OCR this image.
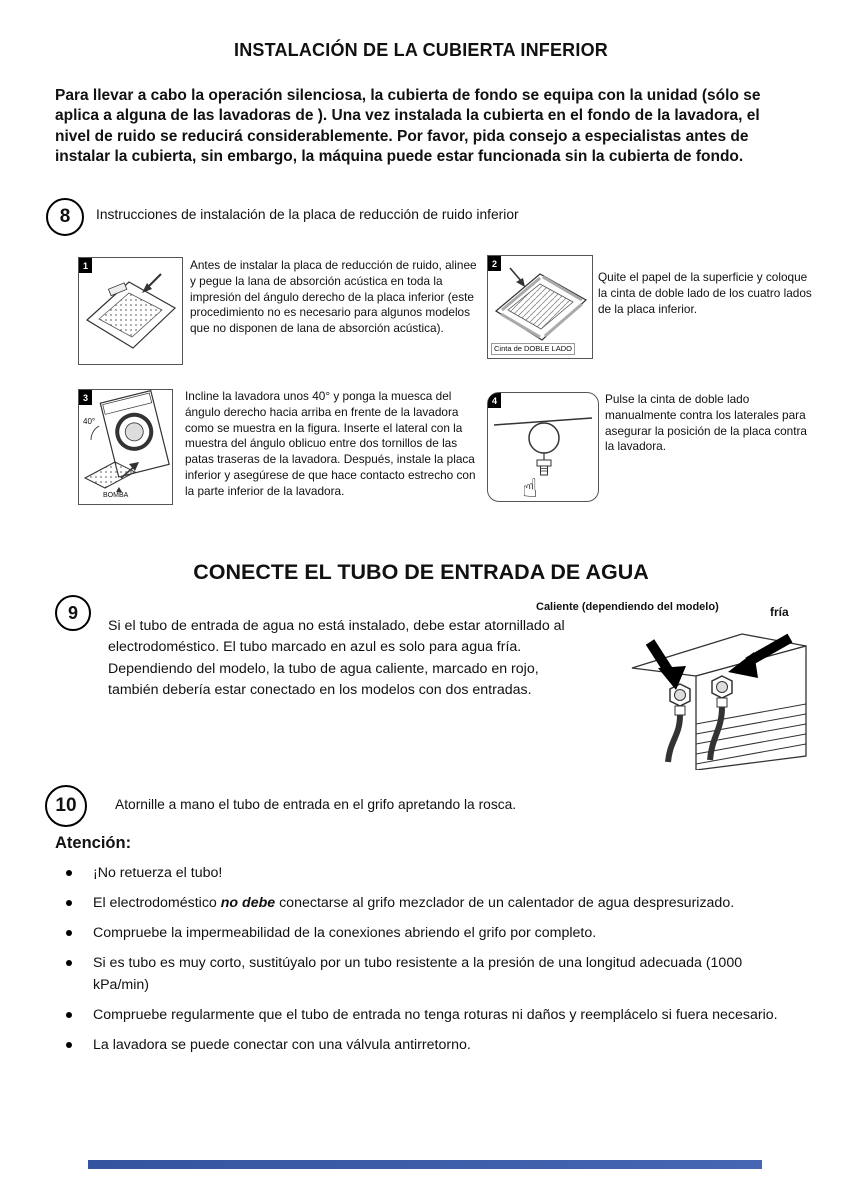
INSTALACIÓN DE LA CUBIERTA INFERIOR
Para llevar a cabo la operación silenciosa, la cubierta de fondo se equipa con la unidad (sólo se aplica a alguna de las lavadoras de ). Una vez instalada la cubierta en el fondo de la lavadora, el nivel de ruido se reducirá considerablemente. Por favor, pida consejo a especialistas antes de instalar la cubierta, sin embargo, la máquina puede estar funcionada sin la cubierta de fondo.
8 Instrucciones de instalación de la placa de reducción de ruido inferior
1	Antes de instalar la placa de reducción de ruido, alinee y pegue la lana de absorción acústica en toda la impresión del ángulo derecho de la placa inferior (este procedimiento no es necesario para algunos modelos que no disponen de lana de absorción acústica).
2
Cinta de DOBLE LADO
Quite el papel de la superficie y coloque la cinta de doble lado de los cuatro lados de la placa inferior.
3
40°
BOMBA
Incline la lavadora unos 40° y ponga la muesca del ángulo derecho hacia arriba en frente de la lavadora como se muestra en la figura. Inserte el lateral con la muestra del ángulo oblicuo entre dos tornillos de las patas traseras de la lavadora. Después, instale la placa inferior y asegúrese de que hace contacto estrecho con la parte inferior de la lavadora.
4
☝
Pulse la cinta de doble lado manualmente contra los laterales para asegurar la posición de la placa contra la lavadora.
CONECTE EL TUBO DE ENTRADA DE AGUA
9	Caliente (dependiendo del modelo)	fría
Si el tubo de entrada de agua no está instalado, debe estar atornillado al electrodoméstico. El tubo marcado en azul es solo para agua fría. Dependiendo del modelo, la tubo de agua caliente, marcado en rojo, también debería estar conectado en los modelos con dos entradas.
10	Atornille a mano el tubo de entrada en el grifo apretando la rosca.
Atención:
¡No retuerza el tubo!
El electrodoméstico no debe conectarse al grifo mezclador de un calentador de agua despresurizado.
Compruebe la impermeabilidad de la conexiones abriendo el grifo por completo.
Si es tubo es muy corto, sustitúyalo por un tubo resistente a la presión de una longitud adecuada (1000 kPa/min)
Compruebe regularmente que el tubo de entrada no tenga roturas ni daños y reemplácelo si fuera necesario.
La lavadora se puede conectar con una válvula antirretorno.
